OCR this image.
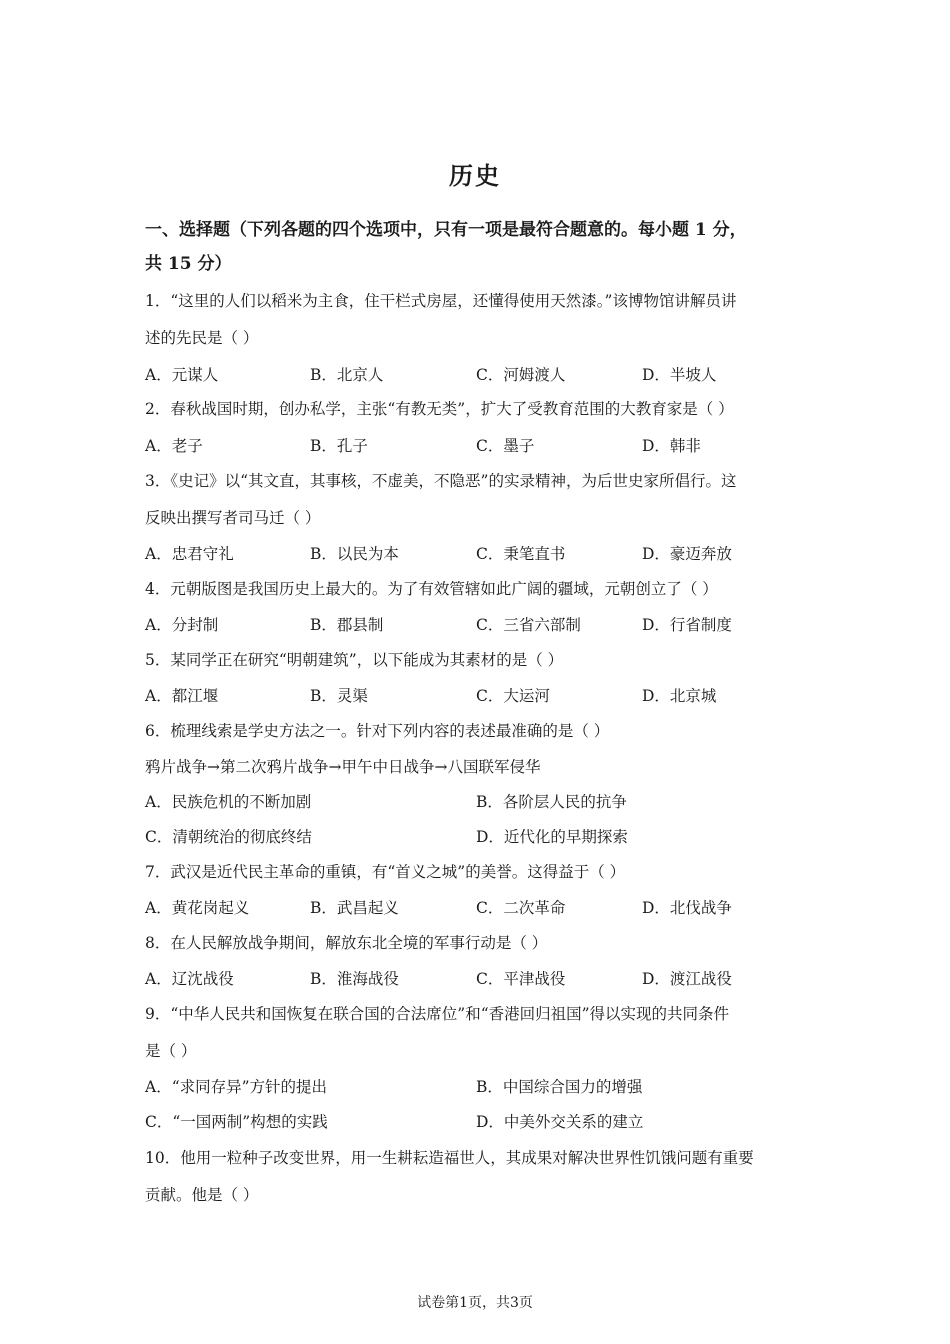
历史
一、选择题（下列各题的四个选项中，只有一项是最符合题意的。每小题 1 分，
共 15 分）
1．“这里的人们以稻米为主食，住干栏式房屋，还懂得使用天然漆。”该博物馆讲解员讲
述的先民是（ ）
A．元谋人	B．北京人	C．河姆渡人	D．半坡人
2．春秋战国时期，创办私学，主张“有教无类”，扩大了受教育范围的大教育家是（ ）
A．老子	B．孔子	C．墨子	D．韩非
3．《史记》以“其文直，其事核，不虚美，不隐恶”的实录精神，为后世史家所倡行。这
反映出撰写者司马迁（ ）
A．忠君守礼	B．以民为本	C．秉笔直书	D．豪迈奔放
4．元朝版图是我国历史上最大的。为了有效管辖如此广阔的疆域，元朝创立了（ ）
A．分封制	B．郡县制	C．三省六部制	D．行省制度
5．某同学正在研究“明朝建筑”，以下能成为其素材的是（ ）
A．都江堰	B．灵渠	C．大运河	D．北京城
6．梳理线索是学史方法之一。针对下列内容的表述最准确的是（ ）
鸦片战争→第二次鸦片战争→甲午中日战争→八国联军侵华
A．民族危机的不断加剧	B．各阶层人民的抗争
C．清朝统治的彻底终结	D．近代化的早期探索
7．武汉是近代民主革命的重镇，有“首义之城”的美誉。这得益于（ ）
A．黄花岗起义	B．武昌起义	C．二次革命	D．北伐战争
8．在人民解放战争期间，解放东北全境的军事行动是（ ）
A．辽沈战役	B．淮海战役	C．平津战役	D．渡江战役
9．“中华人民共和国恢复在联合国的合法席位”和“香港回归祖国”得以实现的共同条件
是（ ）
A．“求同存异”方针的提出	B．中国综合国力的增强
C．“一国两制”构想的实践	D．中美外交关系的建立
10．他用一粒种子改变世界，用一生耕耘造福世人，其成果对解决世界性饥饿问题有重要
贡献。他是（ ）
试卷第1页，共3页
